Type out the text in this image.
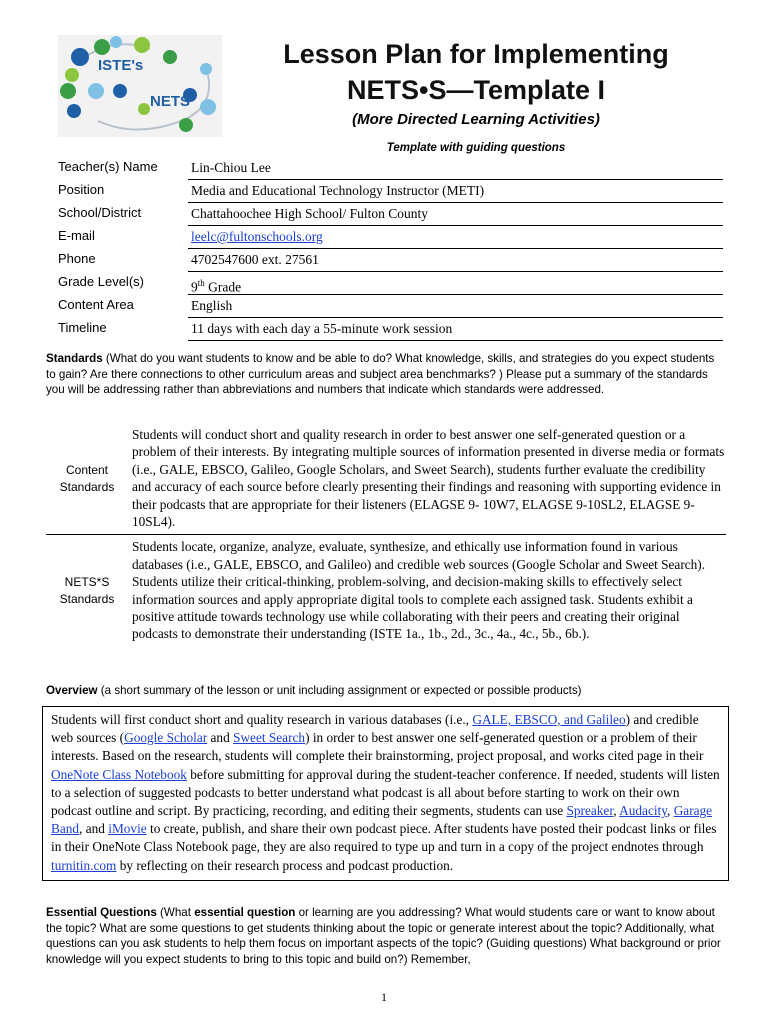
ISTE's
NETS
Lesson Plan for Implementing
NETS•S—Template I
(More Directed Learning Activities)
Template with guiding questions
Teacher(s) Name	Lin-Chiou Lee
Position	Media and Educational Technology Instructor (METI)
School/District	Chattahoochee High School/ Fulton County
E-mail	leelc@fultonschools.org
Phone	4702547600 ext. 27561
Grade Level(s)	9th Grade
Content Area	English
Timeline	11 days with each day a 55-minute work session
Standards (What do you want students to know and be able to do? What knowledge, skills, and strategies do you expect students to gain? Are there connections to other curriculum areas and subject area benchmarks? ) Please put a summary of the standards you will be addressing rather than abbreviations and numbers that indicate which standards were addressed.
Content
Standards
Students will conduct short and quality research in order to best answer one self-generated question or a problem of their interests. By integrating multiple sources of information presented in diverse media or formats (i.e., GALE, EBSCO, Galileo, Google Scholars, and Sweet Search), students further evaluate the credibility and accuracy of each source before clearly presenting their findings and reasoning with supporting evidence in their podcasts that are appropriate for their listeners (ELAGSE 9- 10W7, ELAGSE 9-10SL2, ELAGSE 9-10SL4).
NETS*S
Standards
Students locate, organize, analyze, evaluate, synthesize, and ethically use information found in various databases (i.e., GALE, EBSCO, and Galileo) and credible web sources (Google Scholar and Sweet Search). Students utilize their critical-thinking, problem-solving, and decision-making skills to effectively select information sources and apply appropriate digital tools to complete each assigned task. Students exhibit a positive attitude towards technology use while collaborating with their peers and creating their original podcasts to demonstrate their understanding (ISTE 1a., 1b., 2d., 3c., 4a., 4c., 5b., 6b.).
Overview (a short summary of the lesson or unit including assignment or expected or possible products)
Students will first conduct short and quality research in various databases (i.e., GALE, EBSCO, and Galileo) and credible web sources (Google Scholar and Sweet Search) in order to best answer one self-generated question or a problem of their interests. Based on the research, students will complete their brainstorming, project proposal, and works cited page in their OneNote Class Notebook before submitting for approval during the student-teacher conference. If needed, students will listen to a selection of suggested podcasts to better understand what podcast is all about before starting to work on their own podcast outline and script. By practicing, recording, and editing their segments, students can use Spreaker, Audacity, Garage Band, and iMovie to create, publish, and share their own podcast piece. After students have posted their podcast links or files in their OneNote Class Notebook page, they are also required to type up and turn in a copy of the project endnotes through turnitin.com by reflecting on their research process and podcast production.
Essential Questions (What essential question or learning are you addressing? What would students care or want to know about the topic? What are some questions to get students thinking about the topic or generate interest about the topic? Additionally, what questions can you ask students to help them focus on important aspects of the topic? (Guiding questions) What background or prior knowledge will you expect students to bring to this topic and build on?) Remember,
1
